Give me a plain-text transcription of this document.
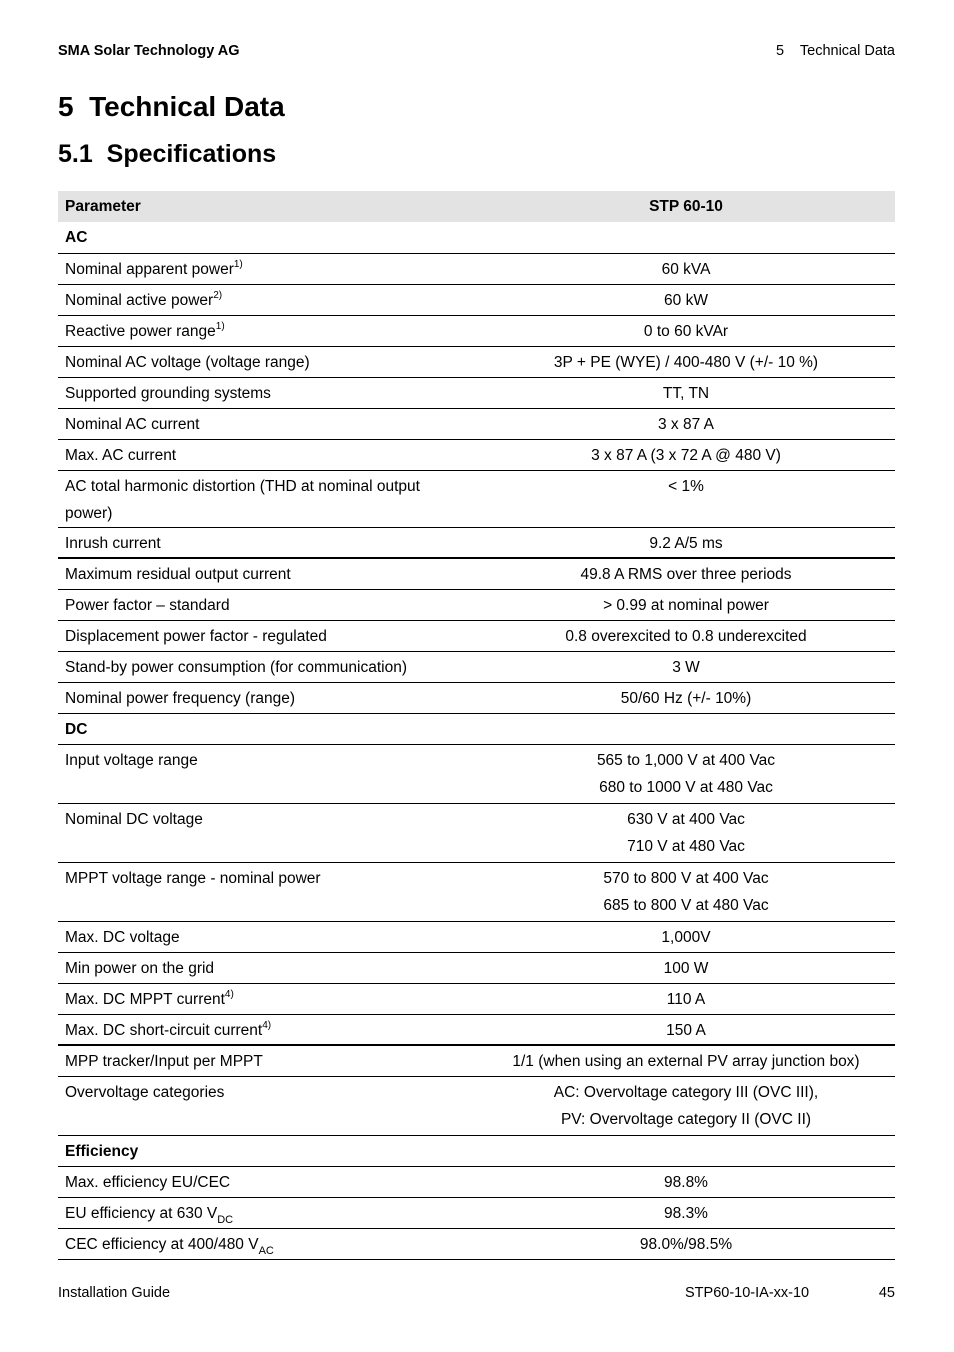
SMA Solar Technology AG	5    Technical Data
5  Technical Data
5.1  Specifications
Parameter	STP 60-10
AC	
Nominal apparent power$^{1)}$	60 kVA

Nominal active power$^{2)}$	60 kW

Reactive power range$^{1)}$	0 to 60 kVAr

Nominal AC voltage (voltage range)	3P + PE (WYE) / 400-480 V (+/- 10 %)

Supported grounding systems	TT, TN

Nominal AC current	3 x 87 A

Max. AC current	3 x 87 A (3 x 72 A @ 480 V)

AC total harmonic distortion (THD at nominal output power)	< 1%

Inrush current	9.2 A/5 ms

Maximum residual output current	49.8 A RMS over three periods

Power factor – standard	> 0.99 at nominal power

Displacement power factor - regulated	0.8 overexcited to 0.8 underexcited

Stand-by power consumption (for communication)	3 W

Nominal power frequency (range)	50/60 Hz (+/- 10%)

DC	
Input voltage range	565 to 1,000 V at 400 Vac
680 to 1000 V at 480 Vac

Nominal DC voltage	630 V at 400 Vac
710 V at 480 Vac

MPPT voltage range - nominal power	570 to 800 V at 400 Vac
685 to 800 V at 480 Vac

Max. DC voltage	1,000V

Min power on the grid	100 W

Max. DC MPPT current$^{4)}$	110 A

Max. DC short-circuit current$^{4)}$	150 A

MPP tracker/Input per MPPT	1/1 (when using an external PV array junction box)

Overvoltage categories	AC: Overvoltage category III (OVC III),
PV: Overvoltage category II (OVC II)

Efficiency	
Max. efficiency EU/CEC	98.8%

EU efficiency at 630 $V_{DC}$	98.3%

CEC efficiency at 400/480 $V_{AC}$	98.0%/98.5%
Installation Guide	STP60-10-IA-xx-10	45
